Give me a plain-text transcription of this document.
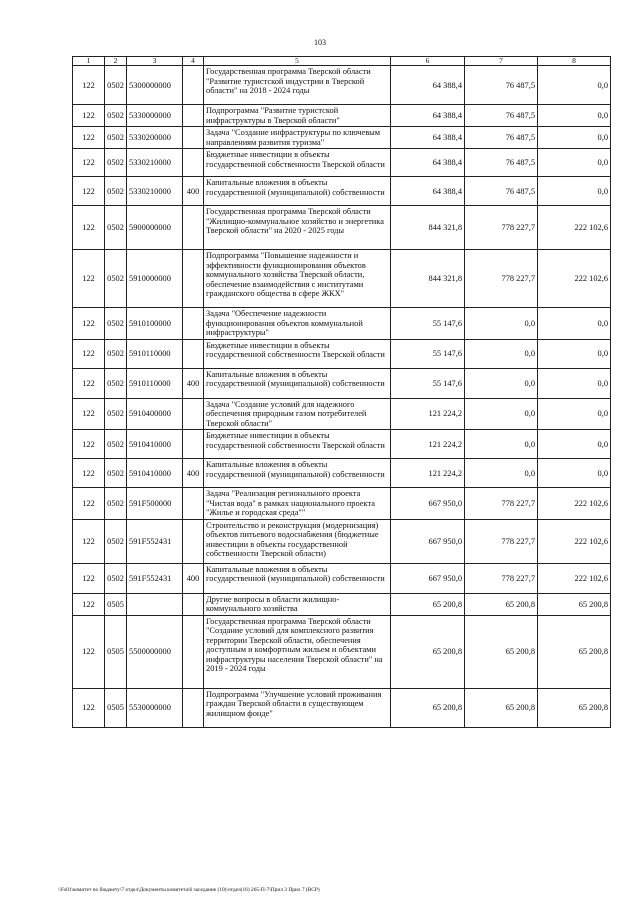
103
1	2	3	4	5	6	7	8
122	0502	5300000000		Государственная программа Тверской области "Развитие туристской индустрии в Тверской области" на 2018 - 2024 годы	64 388,4	76 487,5	0,0
122	0502	5330000000		Подпрограмма "Развитие туристской инфраструктуры в Тверской области"	64 388,4	76 487,5	0,0
122	0502	5330200000		Задача "Создание инфраструктуры по ключевым направлениям развития туризма"	64 388,4	76 487,5	0,0
122	0502	5330210000		Бюджетные инвестиции в объекты государственной собственности Тверской области	64 388,4	76 487,5	0,0
122	0502	5330210000	400	Капитальные вложения в объекты государственной (муниципальной) собственности	64 388,4	76 487,5	0,0
122	0502	5900000000		Государственная программа Тверской области "Жилищно-коммунальное хозяйство и энергетика Тверской области" на 2020 - 2025 годы	844 321,8	778 227,7	222 102,6
122	0502	5910000000		Подпрограмма "Повышение надежности и эффективности функционирования объектов коммунального хозяйства Тверской области, обеспечение взаимодействия с институтами гражданского общества в сфере ЖКХ"	844 321,8	778 227,7	222 102,6
122	0502	5910100000		Задача "Обеспечение надежности функционирования объектов коммунальной инфраструктуры"	55 147,6	0,0	0,0
122	0502	5910110000		Бюджетные инвестиции в объекты государственной собственности Тверской области	55 147,6	0,0	0,0
122	0502	5910110000	400	Капитальные вложения в объекты государственной (муниципальной) собственности	55 147,6	0,0	0,0
122	0502	5910400000		Задача "Создание условий для надежного обеспечения природным газом потребителей Тверской области"	121 224,2	0,0	0,0
122	0502	5910410000		Бюджетные инвестиции в объекты государственной собственности Тверской области	121 224,2	0,0	0,0
122	0502	5910410000	400	Капитальные вложения в объекты государственной (муниципальной) собственности	121 224,2	0,0	0,0
122	0502	591F500000		Задача "Реализация регионального проекта "Чистая вода" в рамках национального проекта "Жилье и городская среда""	667 950,0	778 227,7	222 102,6
122	0502	591F552431		Строительство и реконструкция (модернизация) объектов питьевого водоснабжения (бюджетные инвестиции в объекты государственной собственности Тверской области)	667 950,0	778 227,7	222 102,6
122	0502	591F552431	400	Капитальные вложения в объекты государственной (муниципальной) собственности	667 950,0	778 227,7	222 102,6
122	0505			Другие вопросы в области жилищно-коммунального хозяйства	65 200,8	65 200,8	65 200,8
122	0505	5500000000		Государственная программа Тверской области "Создание условий для комплексного развития территории Тверской области, обеспечения доступным и комфортным жильем и объектами инфраструктуры населения Тверской области" на 2019 - 2024 годы	65 200,8	65 200,8	65 200,8
122	0505	5530000000		Подпрограмма "Улучшение условий проживания граждан Тверской области в существующем жилищном фонде"	65 200,8	65 200,8	65 200,8
\\Fs01\комитет по бюджету\7 отдел\Документы комитета\6 заседание (10)\отдел(16) 265-П-7\Прил 3 Прил 7 (ВСР)
